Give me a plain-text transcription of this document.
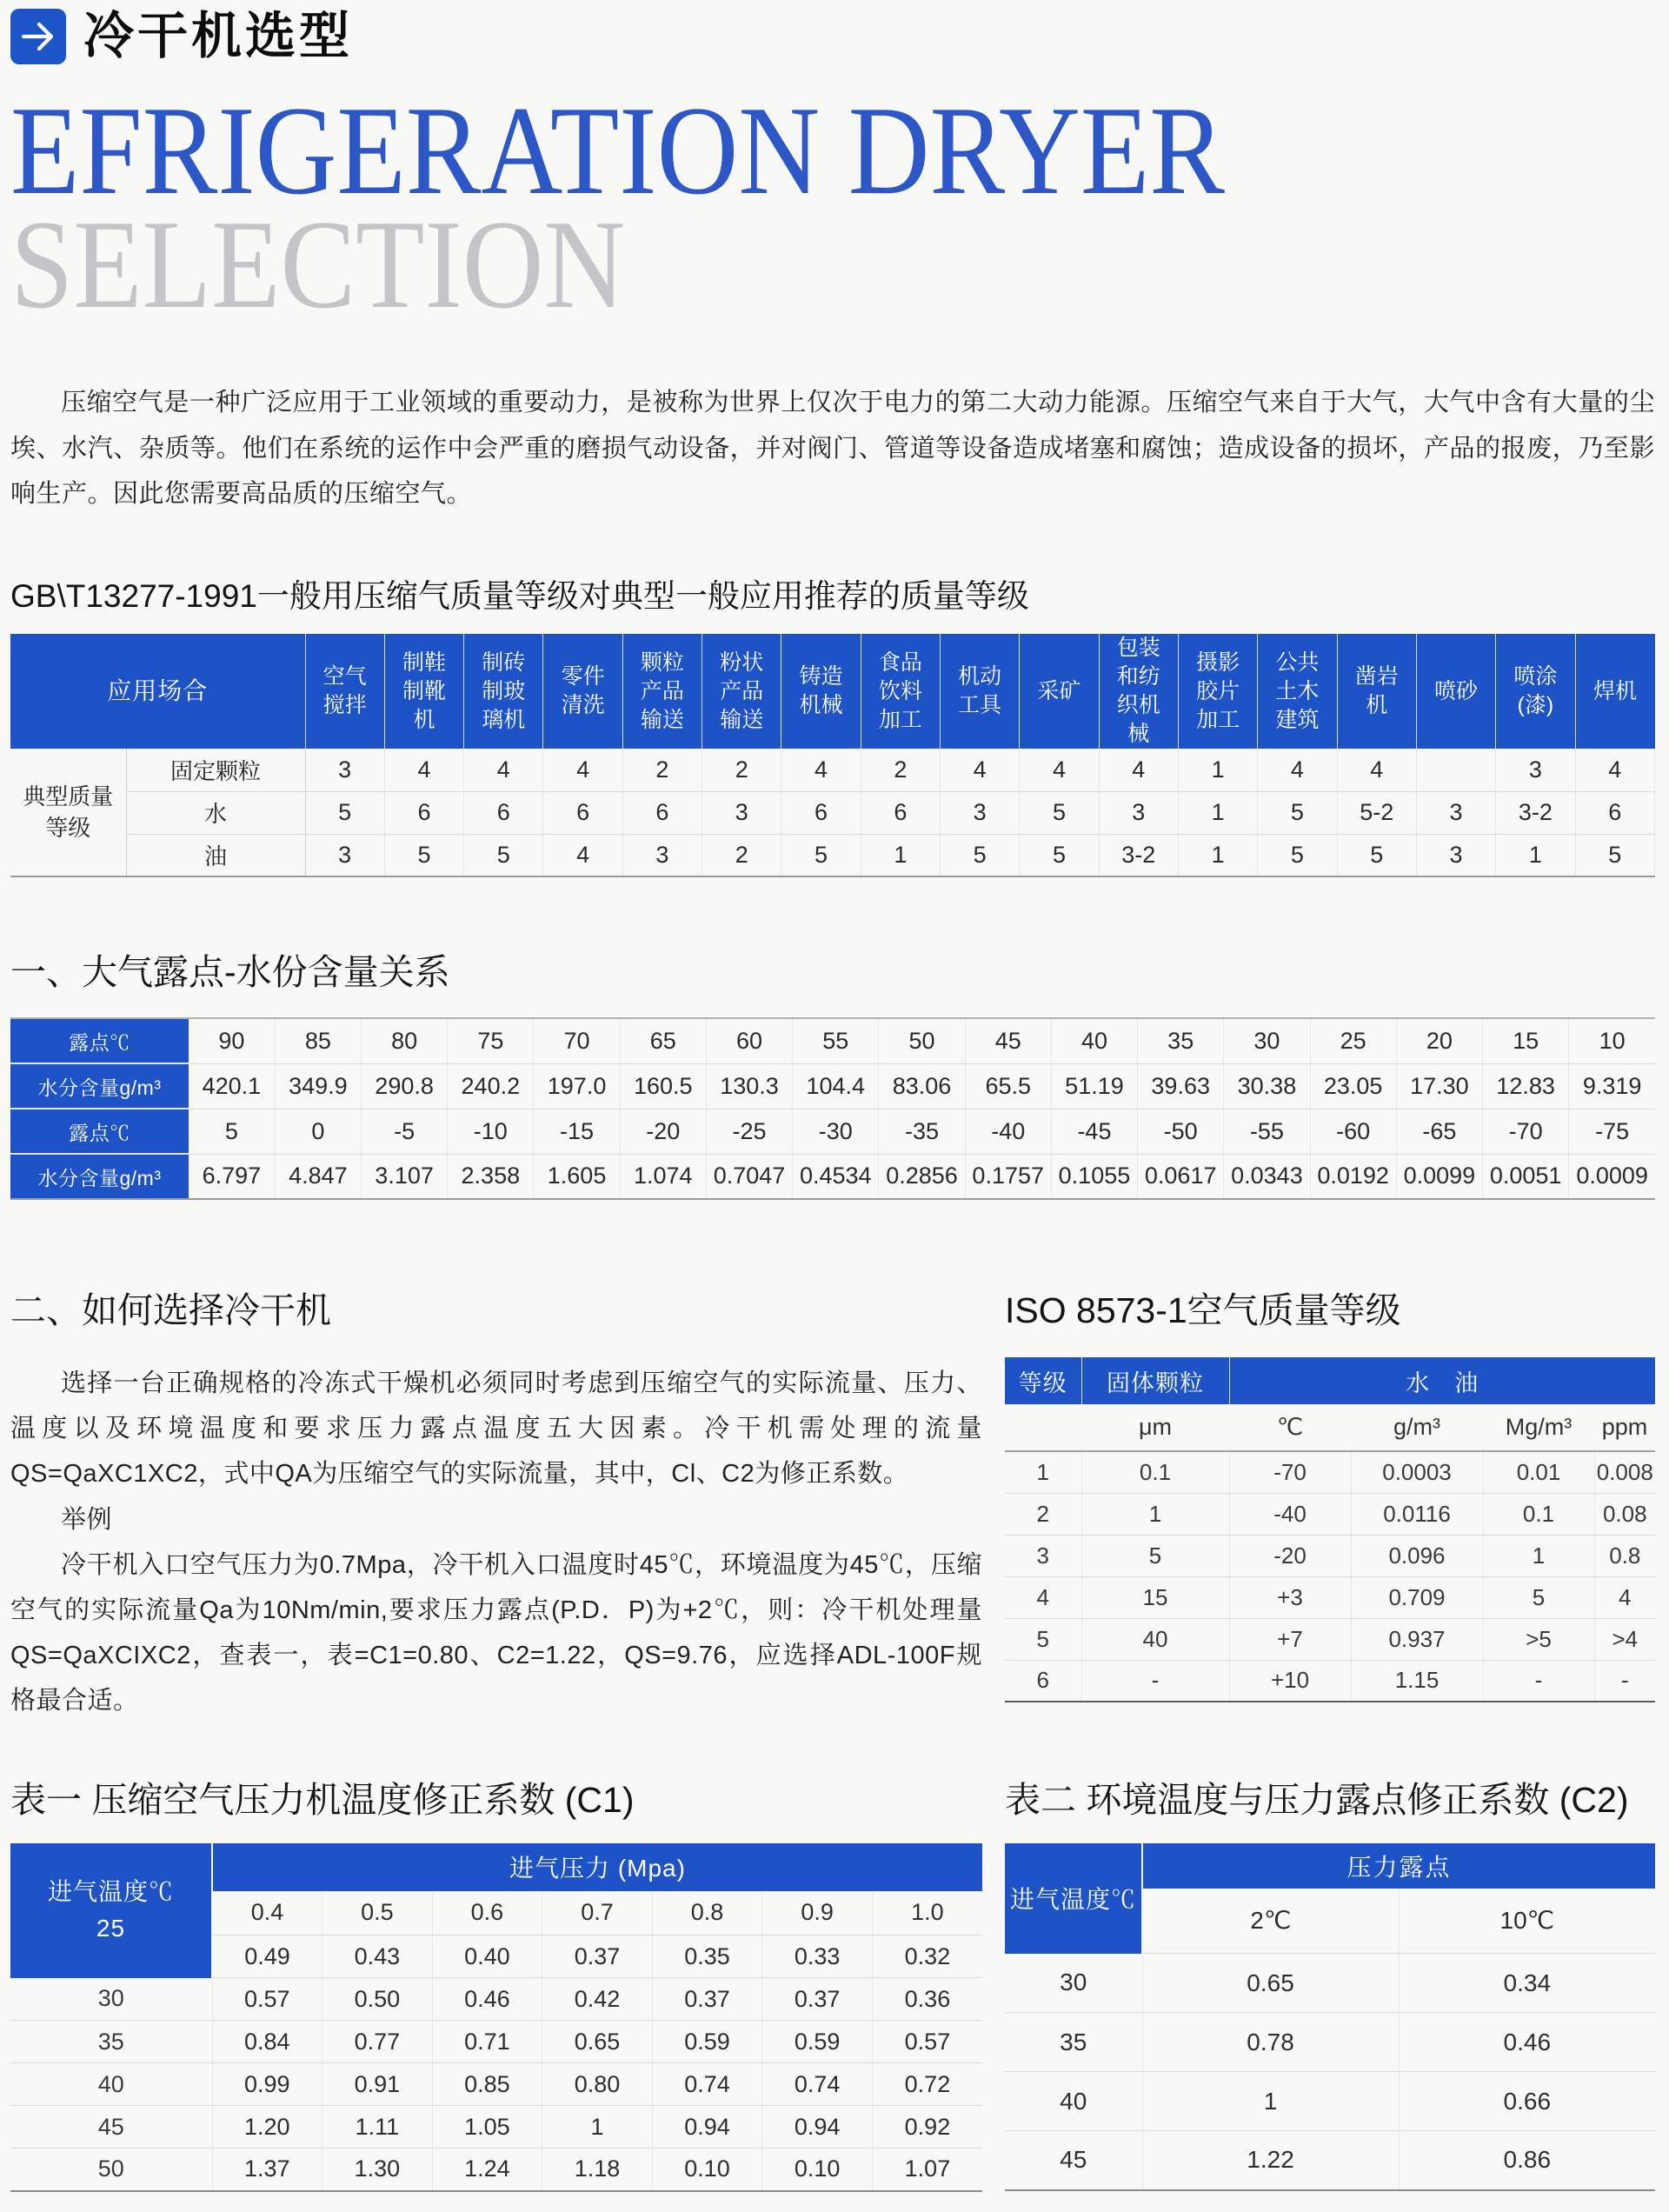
冷干机选型
EFRIGERATION DRYER
SELECTION

压缩空气是一种广泛应用于工业领域的重要动力，是被称为世界上仅次于电力的第二大动力能源。压缩空气来自于大气，大气中含有大量的尘埃、水汽、杂质等。他们在系统的运作中会严重的磨损气动设备，并对阀门、管道等设备造成堵塞和腐蚀；造成设备的损坏，产品的报废，乃至影响生产。因此您需要高品质的压缩空气。

GB\T13277-1991一般用压缩气质量等级对典型一般应用推荐的质量等级
应用场合		空气搅拌	制鞋制靴机	制砖制玻璃机	零件清洗	颗粒产品输送	粉状产品输送	铸造机械	食品饮料加工	机动工具	采矿	包装和纺织机械	摄影胶片加工	公共土木建筑	凿岩机	喷砂	喷涂(漆)	焊机
典型质量等级	固定颗粒	3	4	4	4	2	2	4	2	4	4	4	1	4	4		3	4
	水	5	6	6	6	6	3	6	6	3	5	3	1	5	5-2	3	3-2	6
	油	3	5	5	4	3	2	5	1	5	5	3-2	1	5	5	3	1	5
一、大气露点-水份含量关系
露点℃	90	85	80	75	70	65	60	55	50	45	40	35	30	25	20	15	10
水分含量g/m³	420.1	349.9	290.8	240.2	197.0	160.5	130.3	104.4	83.06	65.5	51.19	39.63	30.38	23.05	17.30	12.83	9.319
露点℃	5	0	-5	-10	-15	-20	-25	-30	-35	-40	-45	-50	-55	-60	-65	-70	-75
水分含量g/m³	6.797	4.847	3.107	2.358	1.605	1.074	0.7047	0.4534	0.2856	0.1757	0.1055	0.0617	0.0343	0.0192	0.0099	0.0051	0.0009
二、如何选择冷干机

选择一台正确规格的冷冻式干燥机必须同时考虑到压缩空气的实际流量、压力、温度以及环境温度和要求压力露点温度五大因素。冷干机需处理的流量QS=QaXC1XC2，式中QA为压缩空气的实际流量，其中，Cl、C2为修正系数。

举例

冷干机入口空气压力为0.7Mpa，冷干机入口温度时45℃，环境温度为45℃，压缩空气的实际流量Qa为10Nm/min,要求压力露点(P.D．P)为+2℃，则：冷干机处理量QS=QaXCIXC2，查表一，表=C1=0.80、C2=1.22，QS=9.76，应选择ADL-100F规格最合适。

ISO 8573-1空气质量等级
等级	固体颗粒	水　油			
	μm	℃	g/m³	Mg/m³	ppm
1	0.1	-70	0.0003	0.01	0.008
2	1	-40	0.0116	0.1	0.08
3	5	-20	0.096	1	0.8
4	15	+3	0.709	5	4
5	40	+7	0.937	>5	>4
6	-	+10	1.15	-	-
表一 压缩空气压力机温度修正系数 (C1)
进气温度℃
25	进气压力 (Mpa)						
	0.4	0.5	0.6	0.7	0.8	0.9	1.0
	0.49	0.43	0.40	0.37	0.35	0.33	0.32
30	0.57	0.50	0.46	0.42	0.37	0.37	0.36
35	0.84	0.77	0.71	0.65	0.59	0.59	0.57
40	0.99	0.91	0.85	0.80	0.74	0.74	0.72
45	1.20	1.11	1.05	1	0.94	0.94	0.92
50	1.37	1.30	1.24	1.18	0.10	0.10	1.07
表二 环境温度与压力露点修正系数 (C2)
进气温度℃	压力露点	
	2℃	10℃
30	0.65	0.34
35	0.78	0.46
40	1	0.66
45	1.22	0.86
